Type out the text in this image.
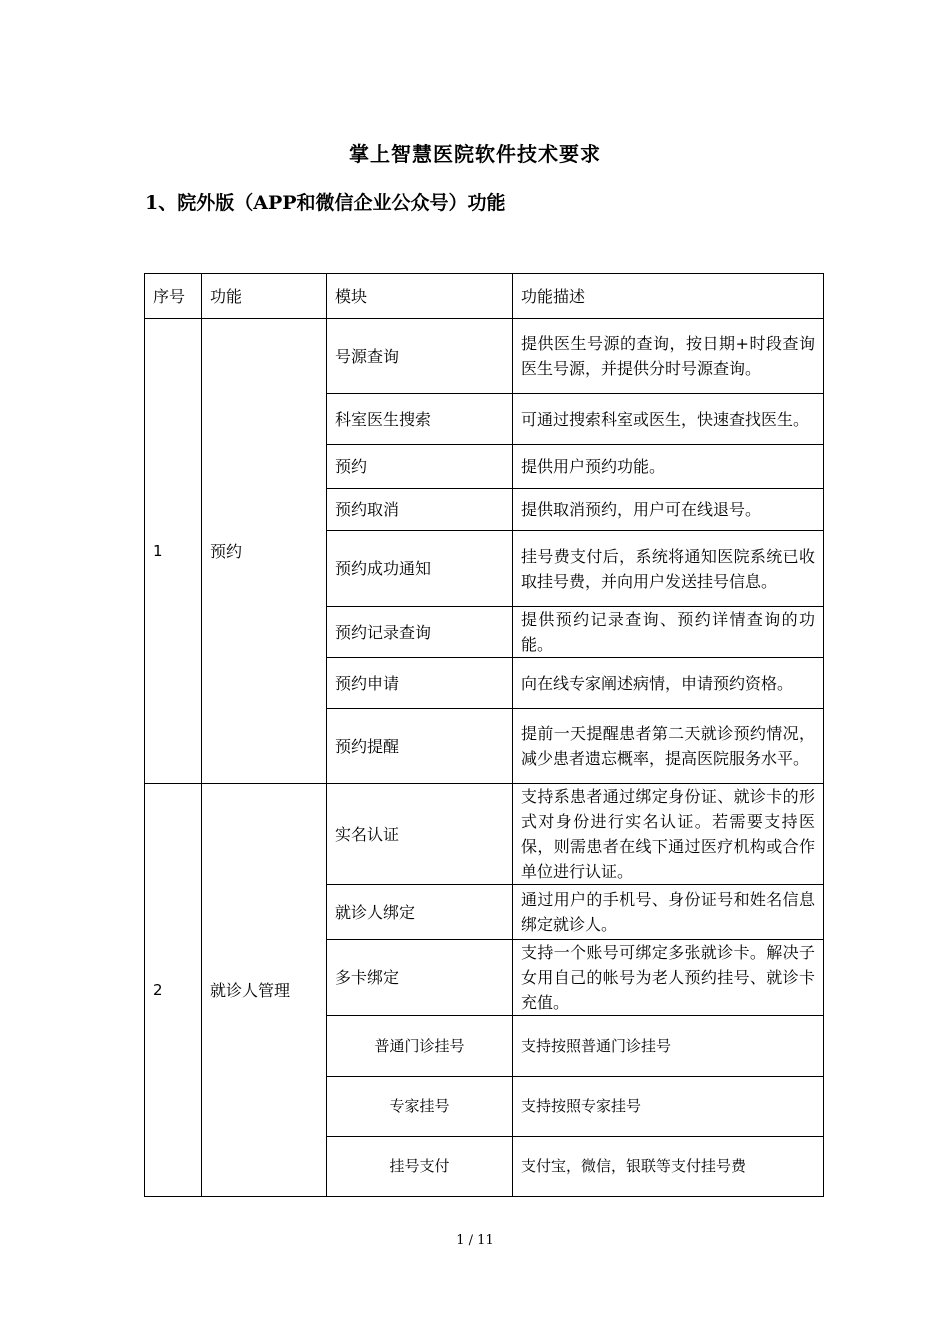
掌上智慧医院软件技术要求
1、院外版（APP和微信企业公众号）功能
序号	功能	模块	功能描述
1	预约	号源查询	提供医生号源的查询，按日期+时段查询医生号源，并提供分时号源查询。
		科室医生搜索	可通过搜索科室或医生，快速查找医生。
		预约	提供用户预约功能。
		预约取消	提供取消预约，用户可在线退号。
		预约成功通知	挂号费支付后，系统将通知医院系统已收取挂号费，并向用户发送挂号信息。
		预约记录查询	提供预约记录查询、预约详情查询的功能。
		预约申请	向在线专家阐述病情，申请预约资格。
		预约提醒	提前一天提醒患者第二天就诊预约情况，减少患者遗忘概率，提高医院服务水平。
2	就诊人管理	实名认证	支持系患者通过绑定身份证、就诊卡的形式对身份进行实名认证。若需要支持医保，则需患者在线下通过医疗机构或合作单位进行认证。
		就诊人绑定	通过用户的手机号、身份证号和姓名信息绑定就诊人。
		多卡绑定	支持一个账号可绑定多张就诊卡。解决子女用自己的帐号为老人预约挂号、就诊卡充值。
		普通门诊挂号	支持按照普通门诊挂号
		专家挂号	支持按照专家挂号
		挂号支付	支付宝，微信，银联等支付挂号费
1 / 11
